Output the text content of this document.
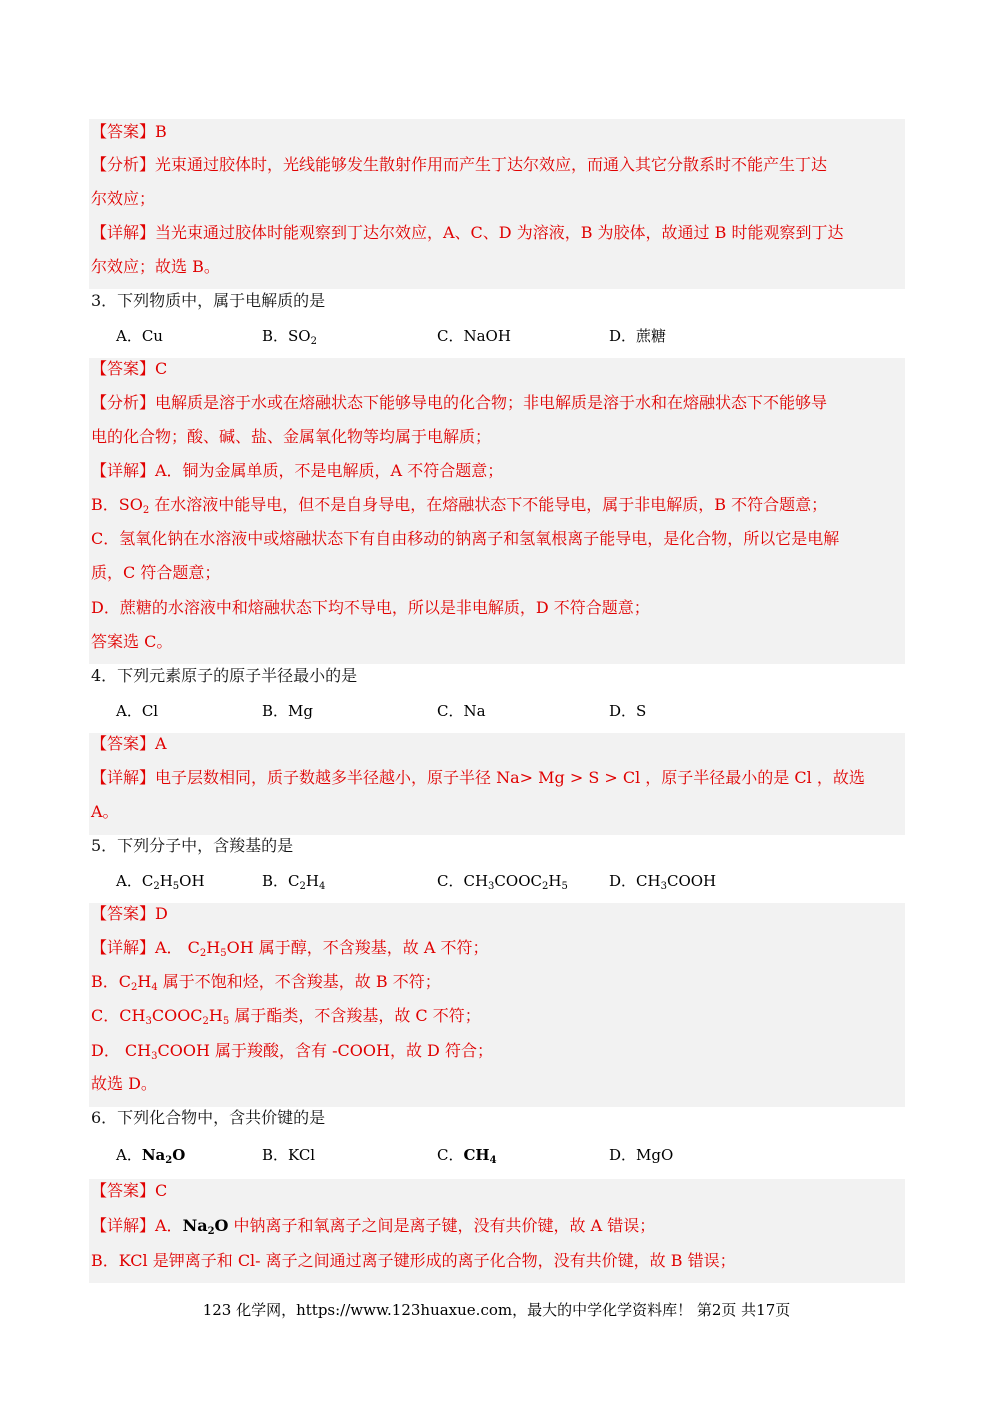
【答案】B
【分析】光束通过胶体时，光线能够发生散射作用而产生丁达尔效应，而通入其它分散系时不能产生丁达
尔效应；
【详解】当光束通过胶体时能观察到丁达尔效应，A、C、D 为溶液，B 为胶体，故通过 B 时能观察到丁达
尔效应；故选 B。
3．下列物质中，属于电解质的是
A．Cu	B．$SO_2$	C．NaOH	D．蔗糖
【答案】C
【分析】电解质是溶于水或在熔融状态下能够导电的化合物；非电解质是溶于水和在熔融状态下不能够导
电的化合物；酸、碱、盐、金属氧化物等均属于电解质；
【详解】A．铜为金属单质，不是电解质，A 不符合题意；
B．$SO_2$ 在水溶液中能导电，但不是自身导电，在熔融状态下不能导电，属于非电解质，B 不符合题意；
C．氢氧化钠在水溶液中或熔融状态下有自由移动的钠离子和氢氧根离子能导电，是化合物，所以它是电解
质，C 符合题意；
D．蔗糖的水溶液中和熔融状态下均不导电，所以是非电解质，D 不符合题意；
答案选 C。
4．下列元素原子的原子半径最小的是
A．Cl	B．Mg	C．Na	D．S
【答案】A
【详解】电子层数相同，质子数越多半径越小，原子半径 Na> Mg > S > Cl ，原子半径最小的是 Cl ，故选
A。
5．下列分子中，含羧基的是
A．$C_2H_5OH$	B．$C_2H_4$	C．$CH_3COOC_2H_5$	D．$CH_3COOH$
【答案】D
【详解】A． $C_2H_5OH$ 属于醇，不含羧基，故 A 不符；
B．$C_2H_4$ 属于不饱和烃，不含羧基，故 B 不符；
C．$CH_3COOC_2H_5$ 属于酯类，不含羧基，故 C 不符；
D． $CH_3COOH$ 属于羧酸，含有 -COOH，故 D 符合；
故选 D。
6．下列化合物中，含共价键的是
A．$Na_2O$	B．KCl	C．$CH_4$	D．MgO
【答案】C
【详解】A．$Na_2O$ 中钠离子和氧离子之间是离子键，没有共价键，故 A 错误；
B．KCl 是钾离子和 Cl- 离子之间通过离子键形成的离子化合物，没有共价键，故 B 错误；
123 化学网，https://www.123huaxue.com，最大的中学化学资料库！ 第2页 共17页
